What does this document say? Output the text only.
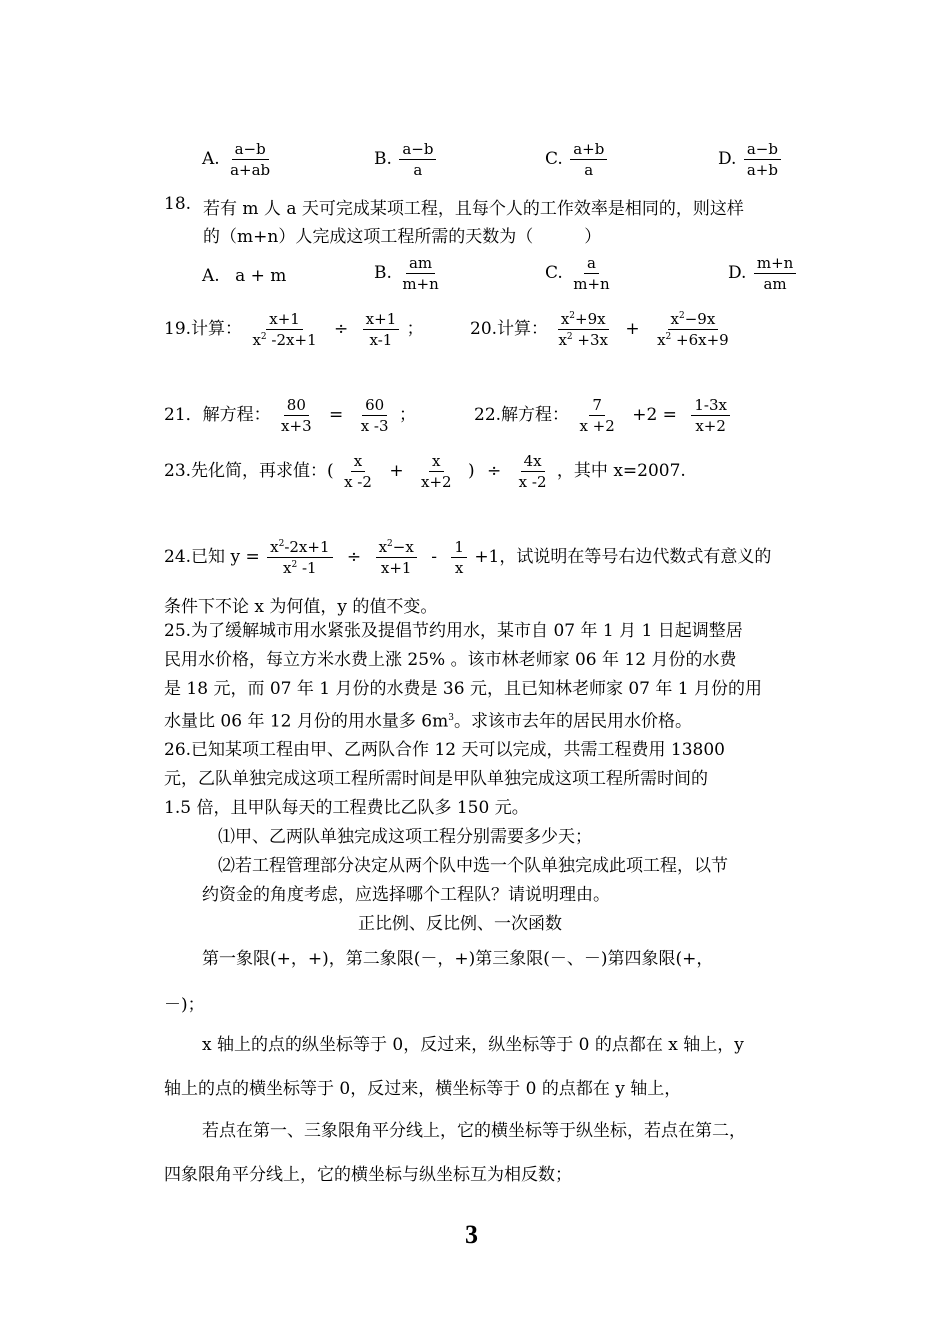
A. $\frac{a-b}{a+ab}$	B. $\frac{a-b}{a}$	C. $\frac{a+b}{a}$	D. $\frac{a-b}{a+b}$
18. 若有 m 人 a 天可完成某项工程，且每个人的工作效率是相同的，则这样
的（m+n）人完成这项工程所需的天数为（　　　）
A. a + m	B. $\frac{am}{m+n}$	C. $\frac{a}{m+n}$	D. $\frac{m+n}{am}$
19.计算： $\frac{x+1}{x^2 -2x+1} \div \frac{x+1}{x-1}$ ；	20.计算： $\frac{x^2+9x}{x^2 +3x} + \frac{x^2-9x}{x^2 +6x+9}$
21．解方程： $\frac{80}{x+3} = \frac{60}{x -3}$ ；	22.解方程： $\frac{7}{x +2} +2 = \frac{1-3x}{x+2}$
23.先化简，再求值：( $\frac{x}{x -2} + \frac{x}{x+2}$ ) ÷ $\frac{4x}{x -2}$ ，其中 x=2007.
24.已知 $y = \frac{x^2-2x+1}{x^2 -1} \div \frac{x^2-x}{x+1} - \frac{1}{x} +1$，试说明在等号右边代数式有意义的
条件下不论 x 为何值，y 的值不变。
25.为了缓解城市用水紧张及提倡节约用水，某市自 07 年 1 月 1 日起调整居
民用水价格，每立方米水费上涨 25% 。该市林老师家 06 年 12 月份的水费
是 18 元，而 07 年 1 月份的水费是 36 元，且已知林老师家 07 年 1 月份的用
水量比 06 年 12 月份的用水量多 $6m^3$。求该市去年的居民用水价格。
26.已知某项工程由甲、乙两队合作 12 天可以完成，共需工程费用 13800
元，乙队单独完成这项工程所需时间是甲队单独完成这项工程所需时间的
1.5 倍，且甲队每天的工程费比乙队多 150 元。
⑴甲、乙两队单独完成这项工程分别需要多少天；
⑵若工程管理部分决定从两个队中选一个队单独完成此项工程，以节
约资金的角度考虑，应选择哪个工程队？请说明理由。
正比例、反比例、一次函数
第一象限(+，+)，第二象限(－，+)第三象限(－、－)第四象限(+，
－)；
x 轴上的点的纵坐标等于 0，反过来，纵坐标等于 0 的点都在 x 轴上，y
轴上的点的横坐标等于 0，反过来，横坐标等于 0 的点都在 y 轴上，
若点在第一、三象限角平分线上，它的横坐标等于纵坐标，若点在第二，
四象限角平分线上，它的横坐标与纵坐标互为相反数；
3
